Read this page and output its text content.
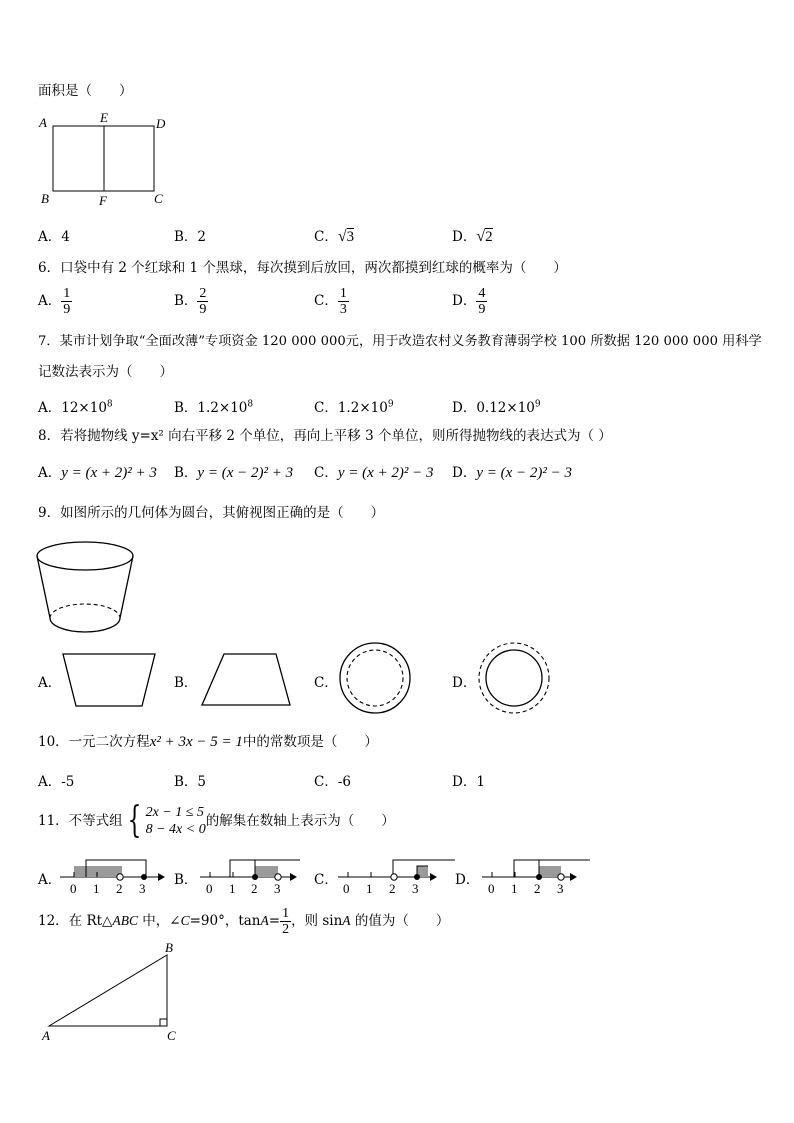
面积是（　　）
A	E	D
B	F	C
A．4	B．2	C．√3	D．√2
6．口袋中有 2 个红球和 1 个黑球，每次摸到后放回，两次都摸到红球的概率为（　　）
A． $\frac{1}{9}$	B． $\frac{2}{9}$	C． $\frac{1}{3}$	D． $\frac{4}{9}$
7．某市计划争取“全面改薄”专项资金 120 000 000元，用于改造农村义务教育薄弱学校 100 所数据 120 000 000 用科学
记数法表示为（　　）
A．$12\times 10^8$	B．$1.2\times 10^8$	C．$1.2\times 10^9$	D．$0.12\times 10^9$
8．若将抛物线 y=x² 向右平移 2 个单位，再向上平移 3 个单位，则所得抛物线的表达式为（ ）
A．y = (x + 2)² + 3 B．y = (x − 2)² + 3 C．y = (x + 2)² − 3 D．y = (x − 2)² − 3
9．如图所示的几何体为圆台，其俯视图正确的是（　　）
A．	B．	C．	D．
10．一元二次方程x² + 3x − 5 = 1中的常数项是（　　）
A．-5	B．5	C．-6	D．1
11．不等式组 { 2x − 1 ≤ 5
8 − 4x < 0
的解集在数轴上表示为（　　）
A．	B．	C．	D．
0 1 2 3	0 1 2 3	0 1 2 3	0 1 2 3
12．在 Rt△ABC 中，∠C=90°，$\tan A= \frac{1}{2}$ ，则 sinA 的值为（　　）
A
B
C
